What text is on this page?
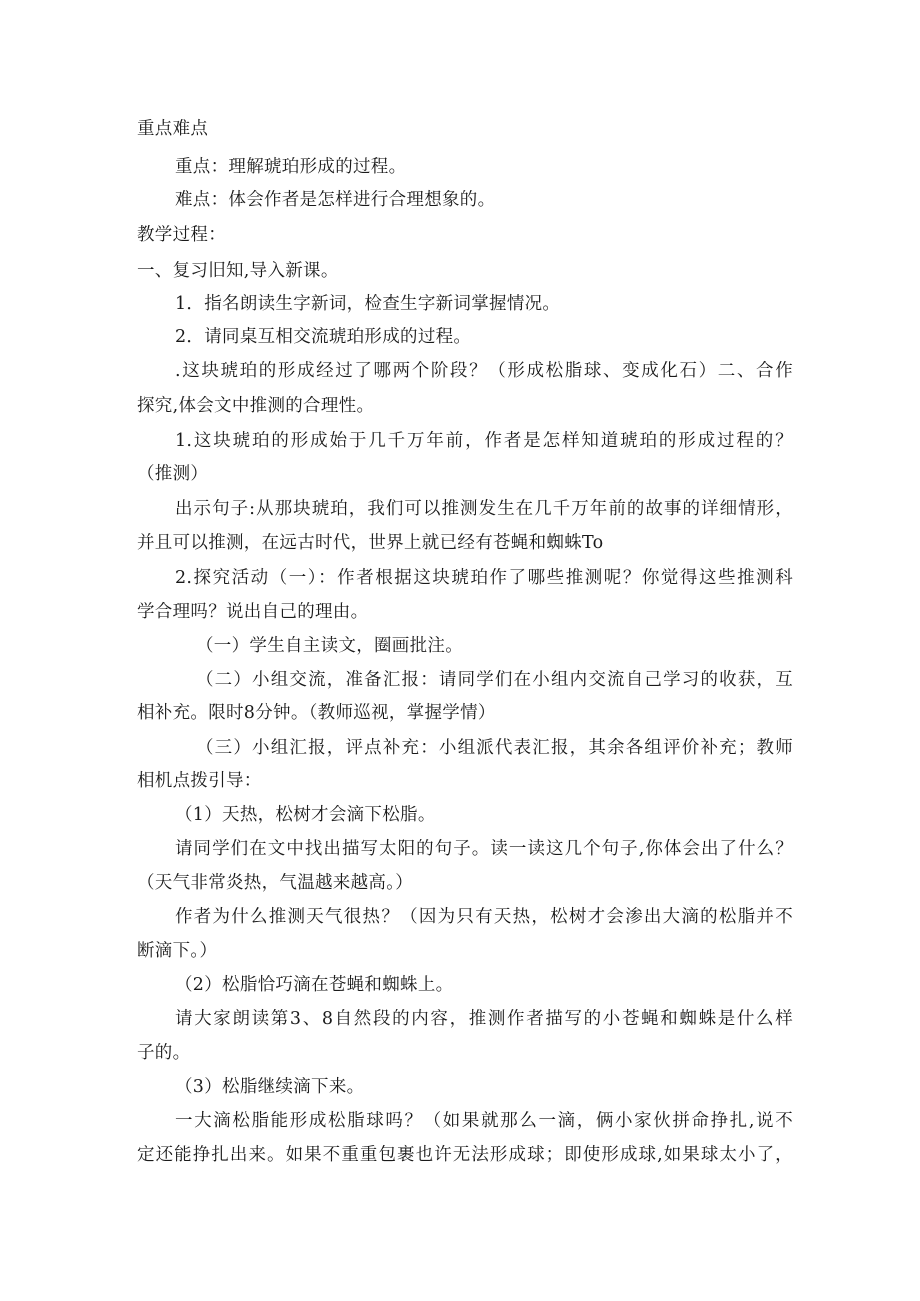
重点难点
重点：理解琥珀形成的过程。
难点：体会作者是怎样进行合理想象的。
教学过程：
一、复习旧知,导入新课。
1．指名朗读生字新词，检查生字新词掌握情况。
2．请同桌互相交流琥珀形成的过程。
.这块琥珀的形成经过了哪两个阶段？（形成松脂球、变成化石）二、合作
探究,体会文中推测的合理性。
1.这块琥珀的形成始于几千万年前，作者是怎样知道琥珀的形成过程的？
（推测）
出示句子:从那块琥珀，我们可以推测发生在几千万年前的故事的详细情形，
并且可以推测，在远古时代，世界上就已经有苍蝇和蜘蛛To
2.探究活动（一）：作者根据这块琥珀作了哪些推测呢？你觉得这些推测科
学合理吗？说出自己的理由。
（一）学生自主读文，圈画批注。
（二）小组交流，准备汇报：请同学们在小组内交流自己学习的收获，互
相补充。限时8分钟。（教师巡视，掌握学情）
（三）小组汇报，评点补充：小组派代表汇报，其余各组评价补充；教师
相机点拨引导：
（1）天热，松树才会滴下松脂。
请同学们在文中找出描写太阳的句子。读一读这几个句子,你体会出了什么？
（天气非常炎热，气温越来越高。）
作者为什么推测天气很热？（因为只有天热，松树才会渗出大滴的松脂并不
断滴下。）
（2）松脂恰巧滴在苍蝇和蜘蛛上。
请大家朗读第3、8自然段的内容，推测作者描写的小苍蝇和蜘蛛是什么样
子的。
（3）松脂继续滴下来。
一大滴松脂能形成松脂球吗？（如果就那么一滴，俩小家伙拼命挣扎,说不
定还能挣扎出来。如果不重重包裹也许无法形成球；即使形成球,如果球太小了，
